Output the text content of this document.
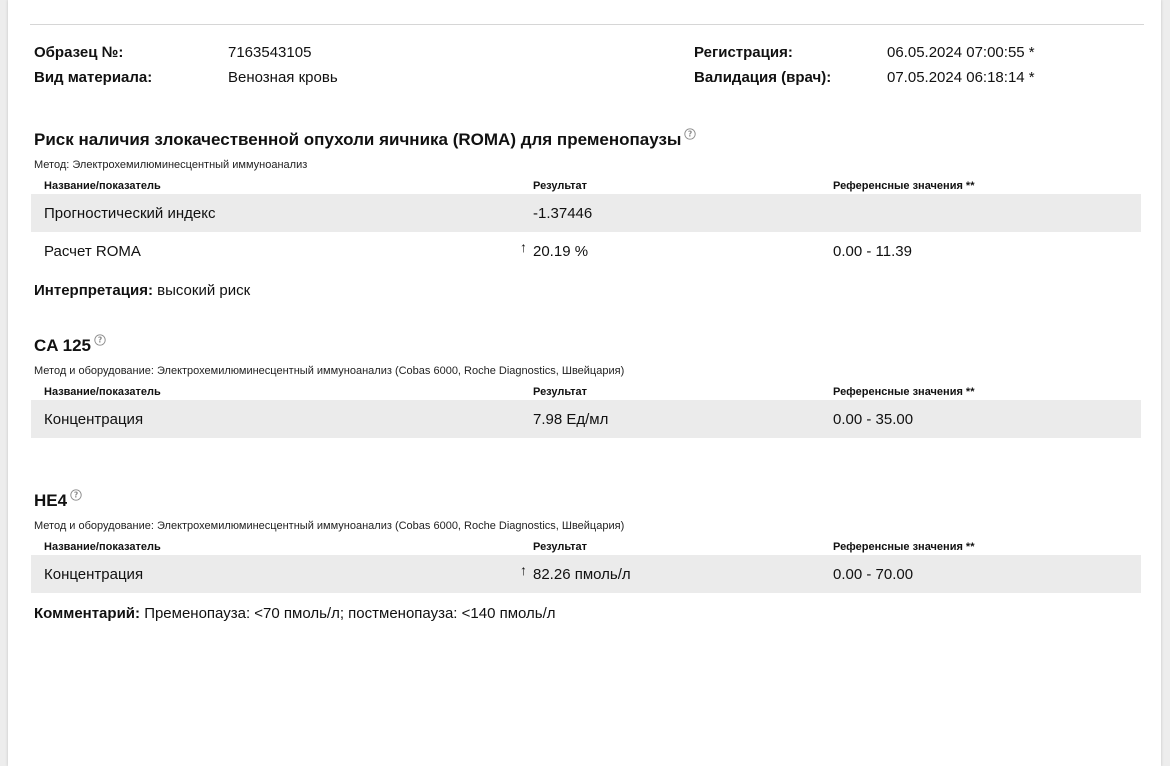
Образец №:	7163543105
Вид материала:	Венозная кровь
Регистрация:	06.05.2024 07:00:55 *
Валидация (врач):	07.05.2024 06:18:14 *
Риск наличия злокачественной опухоли яичника (ROMA) для пременопаузы ?
Метод: Электрохемилюминесцентный иммуноанализ
Название/показатель	Результат	Референсные значения **
Прогностический индекс	-1.37446
Расчет ROMA	↑ 20.19 %	0.00 - 11.39
Интерпретация: высокий риск
CA 125 ?
Метод и оборудование: Электрохемилюминесцентный иммуноанализ (Cobas 6000, Roche Diagnostics, Швейцария)
Название/показатель	Результат	Референсные значения **
Концентрация	7.98 Ед/мл	0.00 - 35.00
HE4 ?
Метод и оборудование: Электрохемилюминесцентный иммуноанализ (Cobas 6000, Roche Diagnostics, Швейцария)
Название/показатель	Результат	Референсные значения **
Концентрация	↑ 82.26 пмоль/л	0.00 - 70.00
Комментарий: Пременопауза: <70 пмоль/л; постменопауза: <140 пмоль/л
